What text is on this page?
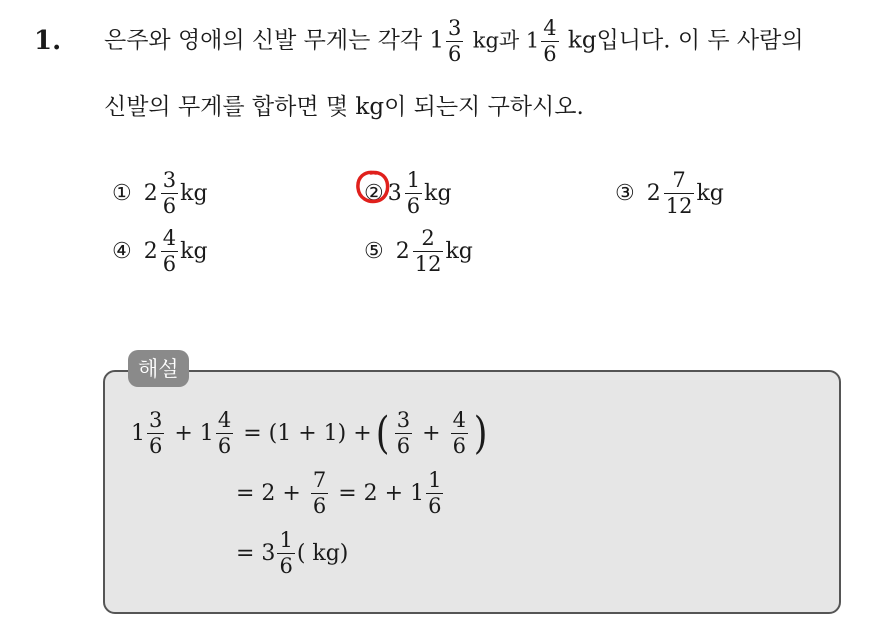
1. 은주와 영애의 신발 무게는 각각 $1 \frac{3}{6}$ kg과 $1 \frac{4}{6}$ kg입니다. 이 두 사람의
신발의 무게를 합하면 몇 kg이 되는지 구하시오.
① $2 \frac{3}{6}$ kg	② $3 \frac{1}{6}$ kg	③ $2 \frac{7}{12}$ kg
④ $2 \frac{4}{6}$ kg	⑤ $2 \frac{2}{12}$ kg
해설
$1 \frac{3}{6} + 1 \frac{4}{6} = (1 + 1)$ + ( $\frac{3}{6} + \frac{4}{6}$ )
= $2 + \frac{7}{6} = 2 + 1 \frac{1}{6}$
= $3 \frac{1}{6}$ ( kg)
